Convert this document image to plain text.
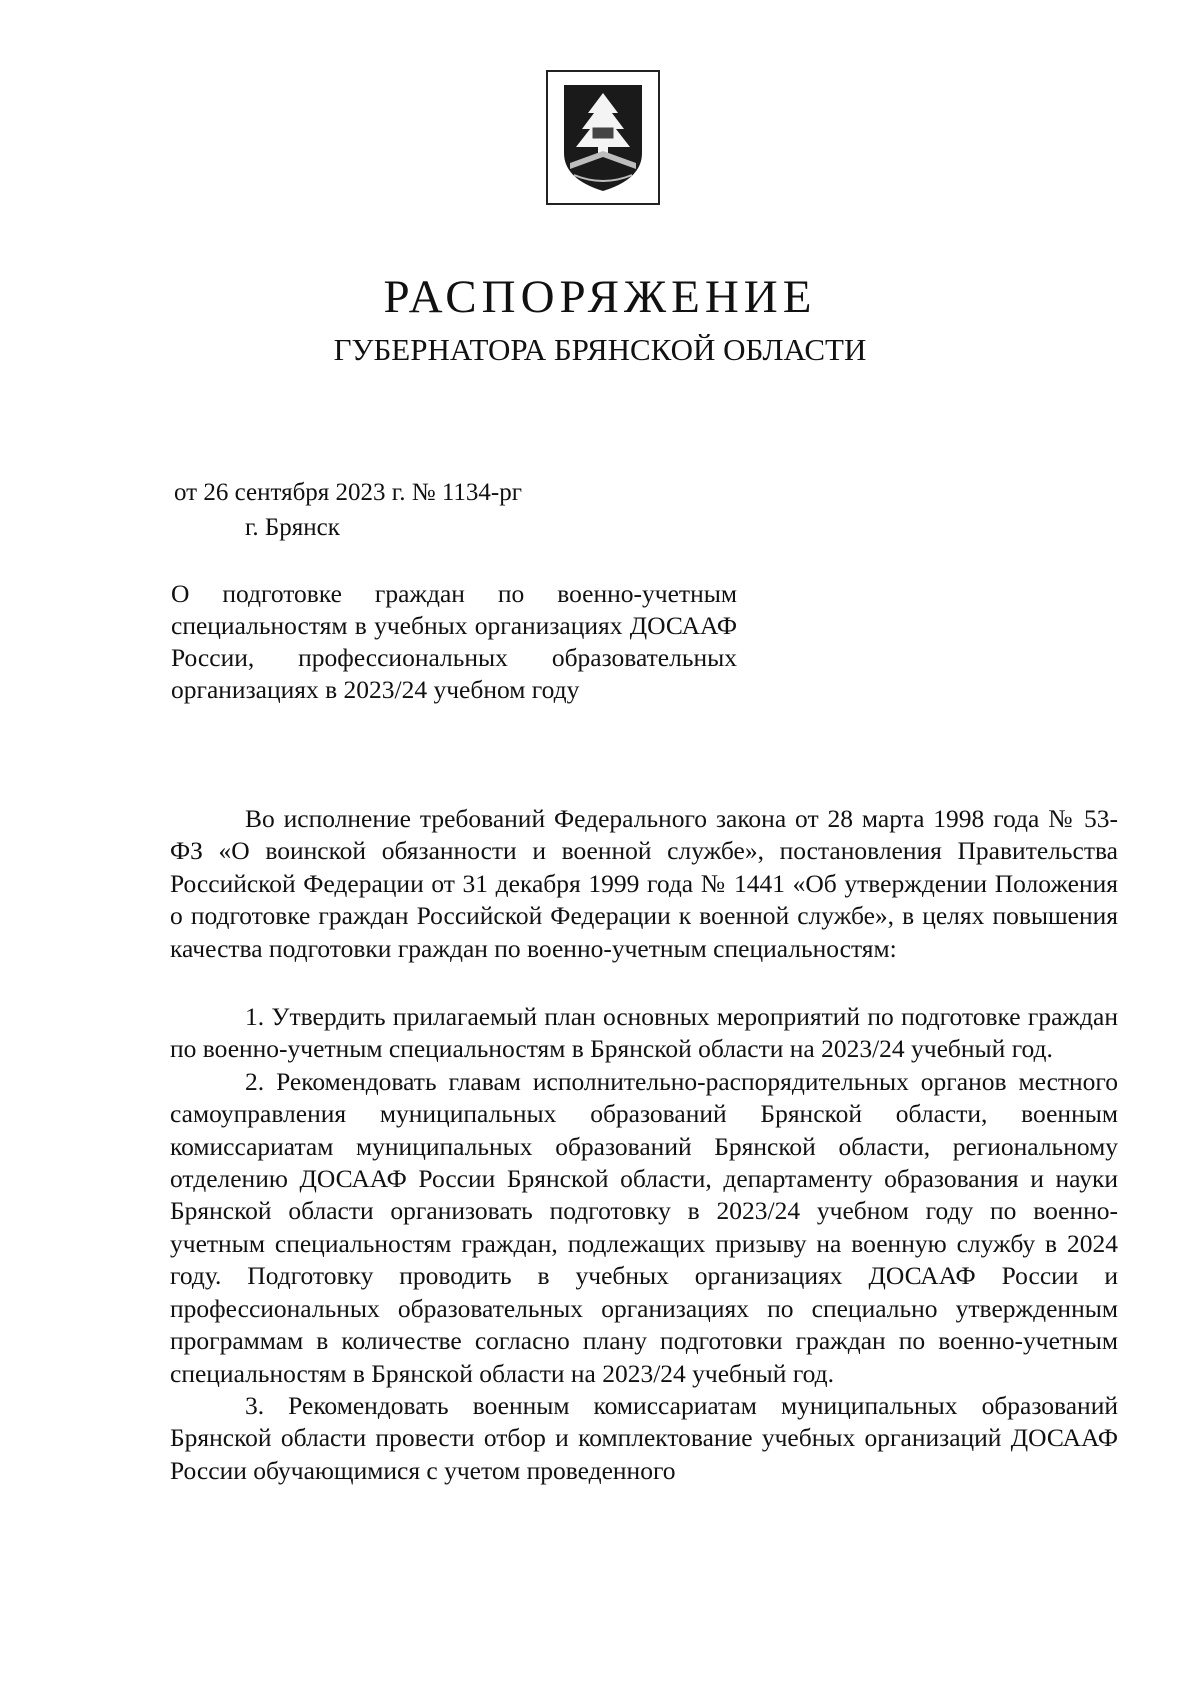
РАСПОРЯЖЕНИЕ
ГУБЕРНАТОРА БРЯНСКОЙ ОБЛАСТИ
от 26 сентября 2023 г. № 1134-рг
г. Брянск
О подготовке граждан по военно-учетным специальностям в учебных организациях ДОСААФ России, профессиональных образовательных организациях в 2023/24 учебном году

Во исполнение требований Федерального закона от 28 марта 1998 года № 53-ФЗ «О воинской обязанности и военной службе», постановления Правительства Российской Федерации от 31 декабря 1999 года № 1441 «Об утверждении Положения о подготовке граждан Российской Федерации к военной службе», в целях повышения качества подготовки граждан по военно-учетным специальностям:

1. Утвердить прилагаемый план основных мероприятий по подготовке граждан по военно-учетным специальностям в Брянской области на 2023/24 учебный год.

2. Рекомендовать главам исполнительно-распорядительных органов местного самоуправления муниципальных образований Брянской области, военным комиссариатам муниципальных образований Брянской области, региональному отделению ДОСААФ России Брянской области, департаменту образования и науки Брянской области организовать подготовку в 2023/24 учебном году по военно-учетным специальностям граждан, подлежащих призыву на военную службу в 2024 году. Подготовку проводить в учебных организациях ДОСААФ России и профессиональных образовательных организациях по специально утвержденным программам в количестве согласно плану подготовки граждан по военно-учетным специальностям в Брянской области на 2023/24 учебный год.

3. Рекомендовать военным комиссариатам муниципальных образований Брянской области провести отбор и комплектование учебных организаций ДОСААФ России обучающимися с учетом проведенного
